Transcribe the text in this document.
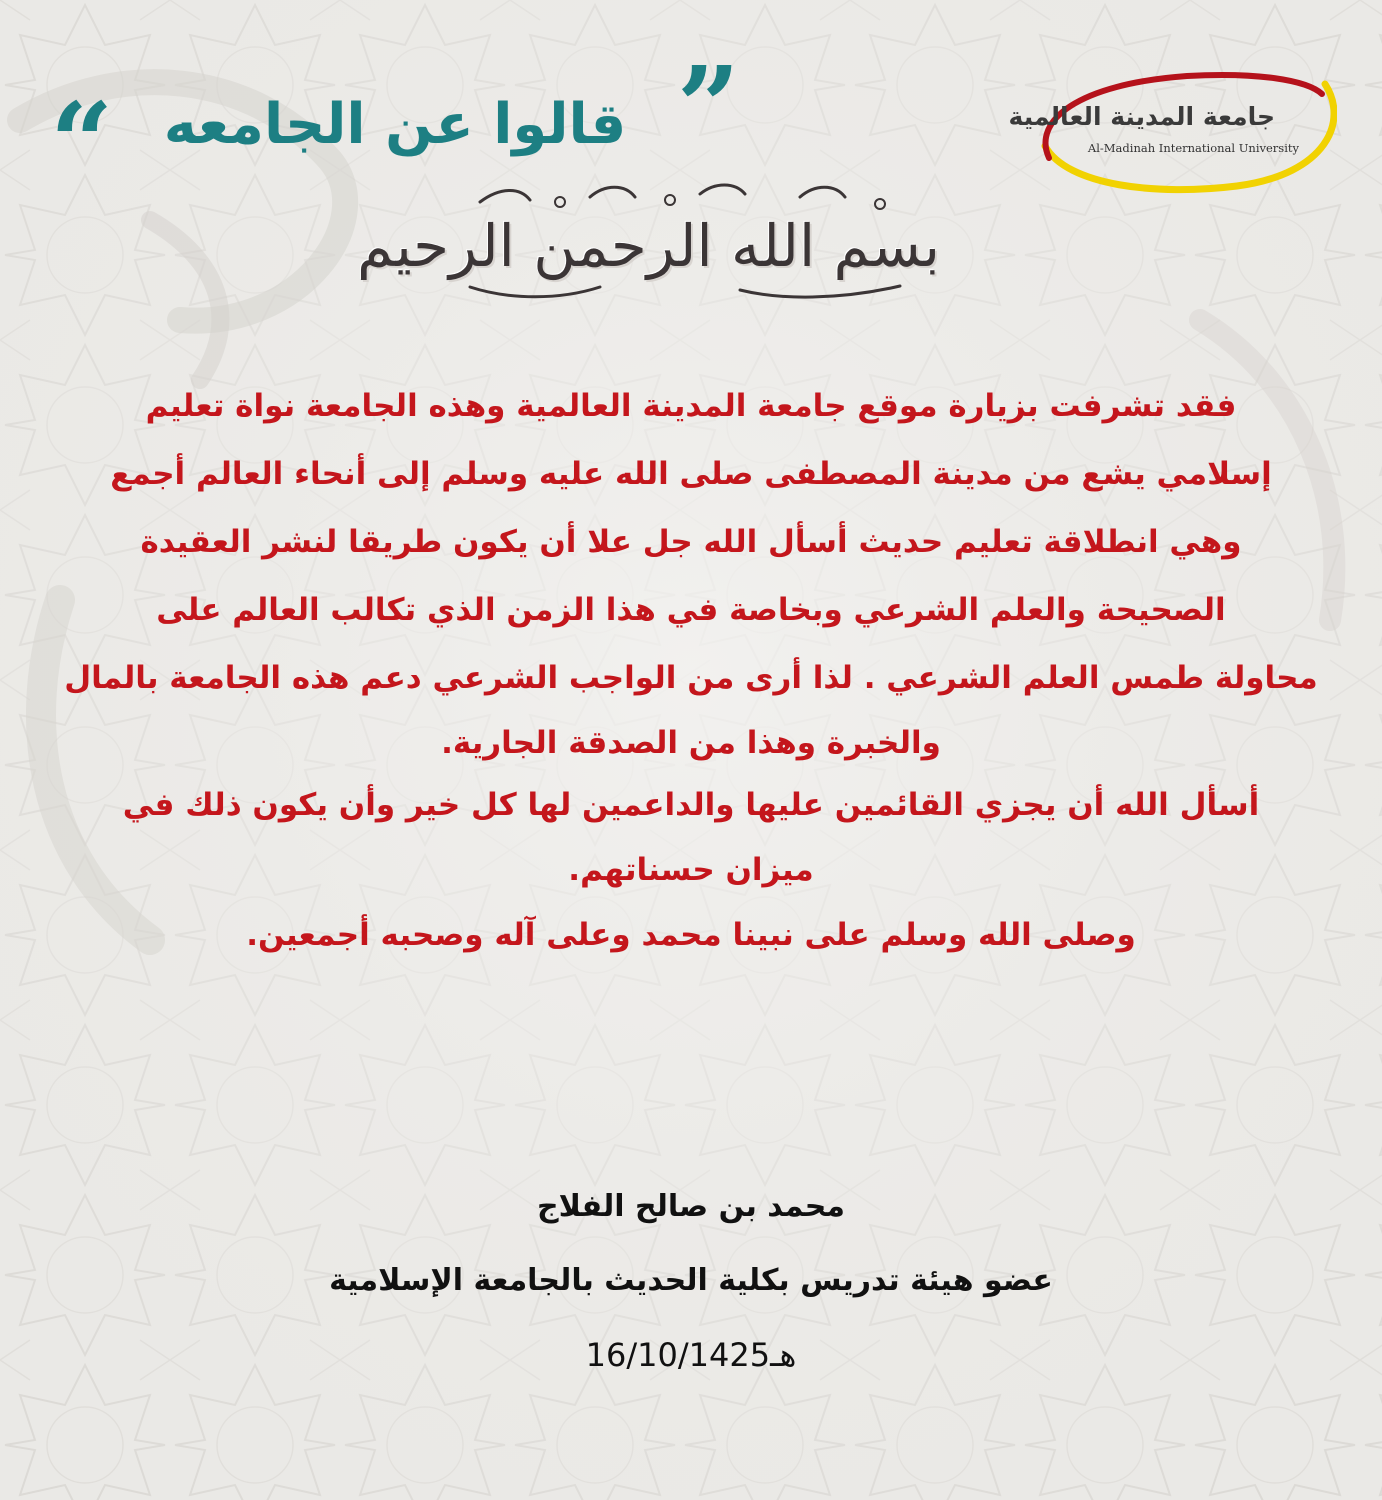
جامعة المدينة العالمية
Al-Madinah International University
”
قالوا عن الجامعه
“
بسم الله الرحمن الرحيم
فقد تشرفت بزيارة موقع جامعة المدينة العالمية وهذه الجامعة نواة تعليم
إسلامي يشع من مدينة المصطفى صلى الله عليه وسلم إلى أنحاء العالم أجمع
وهي انطلاقة تعليم حديث أسأل الله جل علا أن يكون طريقا لنشر العقيدة
الصحيحة والعلم الشرعي وبخاصة في هذا الزمن الذي تكالب العالم على
محاولة طمس العلم الشرعي . لذا أرى من الواجب الشرعي دعم هذه الجامعة بالمال
والخبرة وهذا من الصدقة الجارية.
أسأل الله أن يجزي القائمين عليها والداعمين لها كل خير وأن يكون ذلك في
ميزان حسناتهم.
وصلى الله وسلم على نبينا محمد وعلى آله وصحبه أجمعين.
محمد بن صالح الفلاج
عضو هيئة تدريس بكلية الحديث بالجامعة الإسلامية
16/10/1425هـ
